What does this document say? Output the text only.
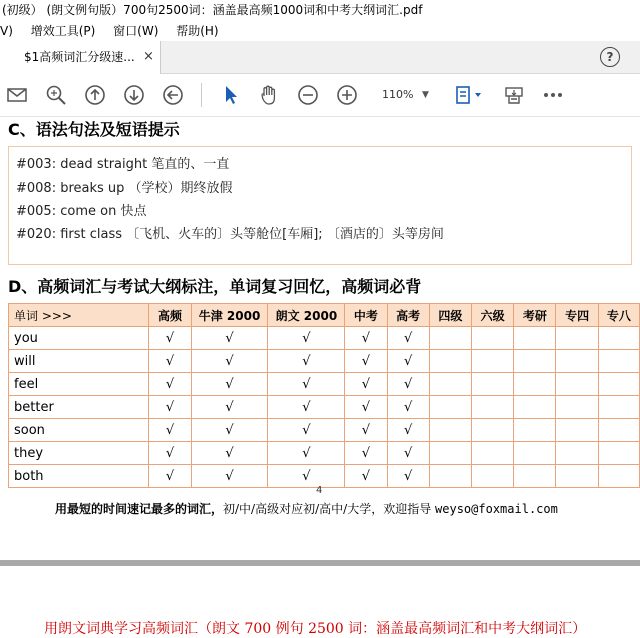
(初级） (朗文例句版）700句2500词：涵盖最高频1000词和中考大纲词汇.pdf
V) 增效工具(P) 窗口(W) 帮助(H)
$1高频词汇分级速... ×	?
110% ▼
C、语法句法及短语提示
#003: dead straight 笔直的、一直
#008: breaks up （学校）期终放假
#005: come on 快点
#020: first class 〔飞机、火车的〕头等舱位[车厢]; 〔酒店的〕头等房间
D、高频词汇与考试大纲标注，单词复习回忆，高频词必背
单词 >>>	高频	牛津 2000	朗文 2000	中考	高考	四级	六级	考研	专四	专八
you	√	√	√	√	√					
will	√	√	√	√	√					
feel	√	√	√	√	√					
better	√	√	√	√	√					
soon	√	√	√	√	√					
they	√	√	√	√	√					
both	√	√	√	√	√					
4
用最短的时间速记最多的词汇，初/中/高级对应初/高中/大学，欢迎指导 weyso@foxmail.com
用朗文词典学习高频词汇（朗文 700 例句 2500 词：涵盖最高频词汇和中考大纲词汇）
